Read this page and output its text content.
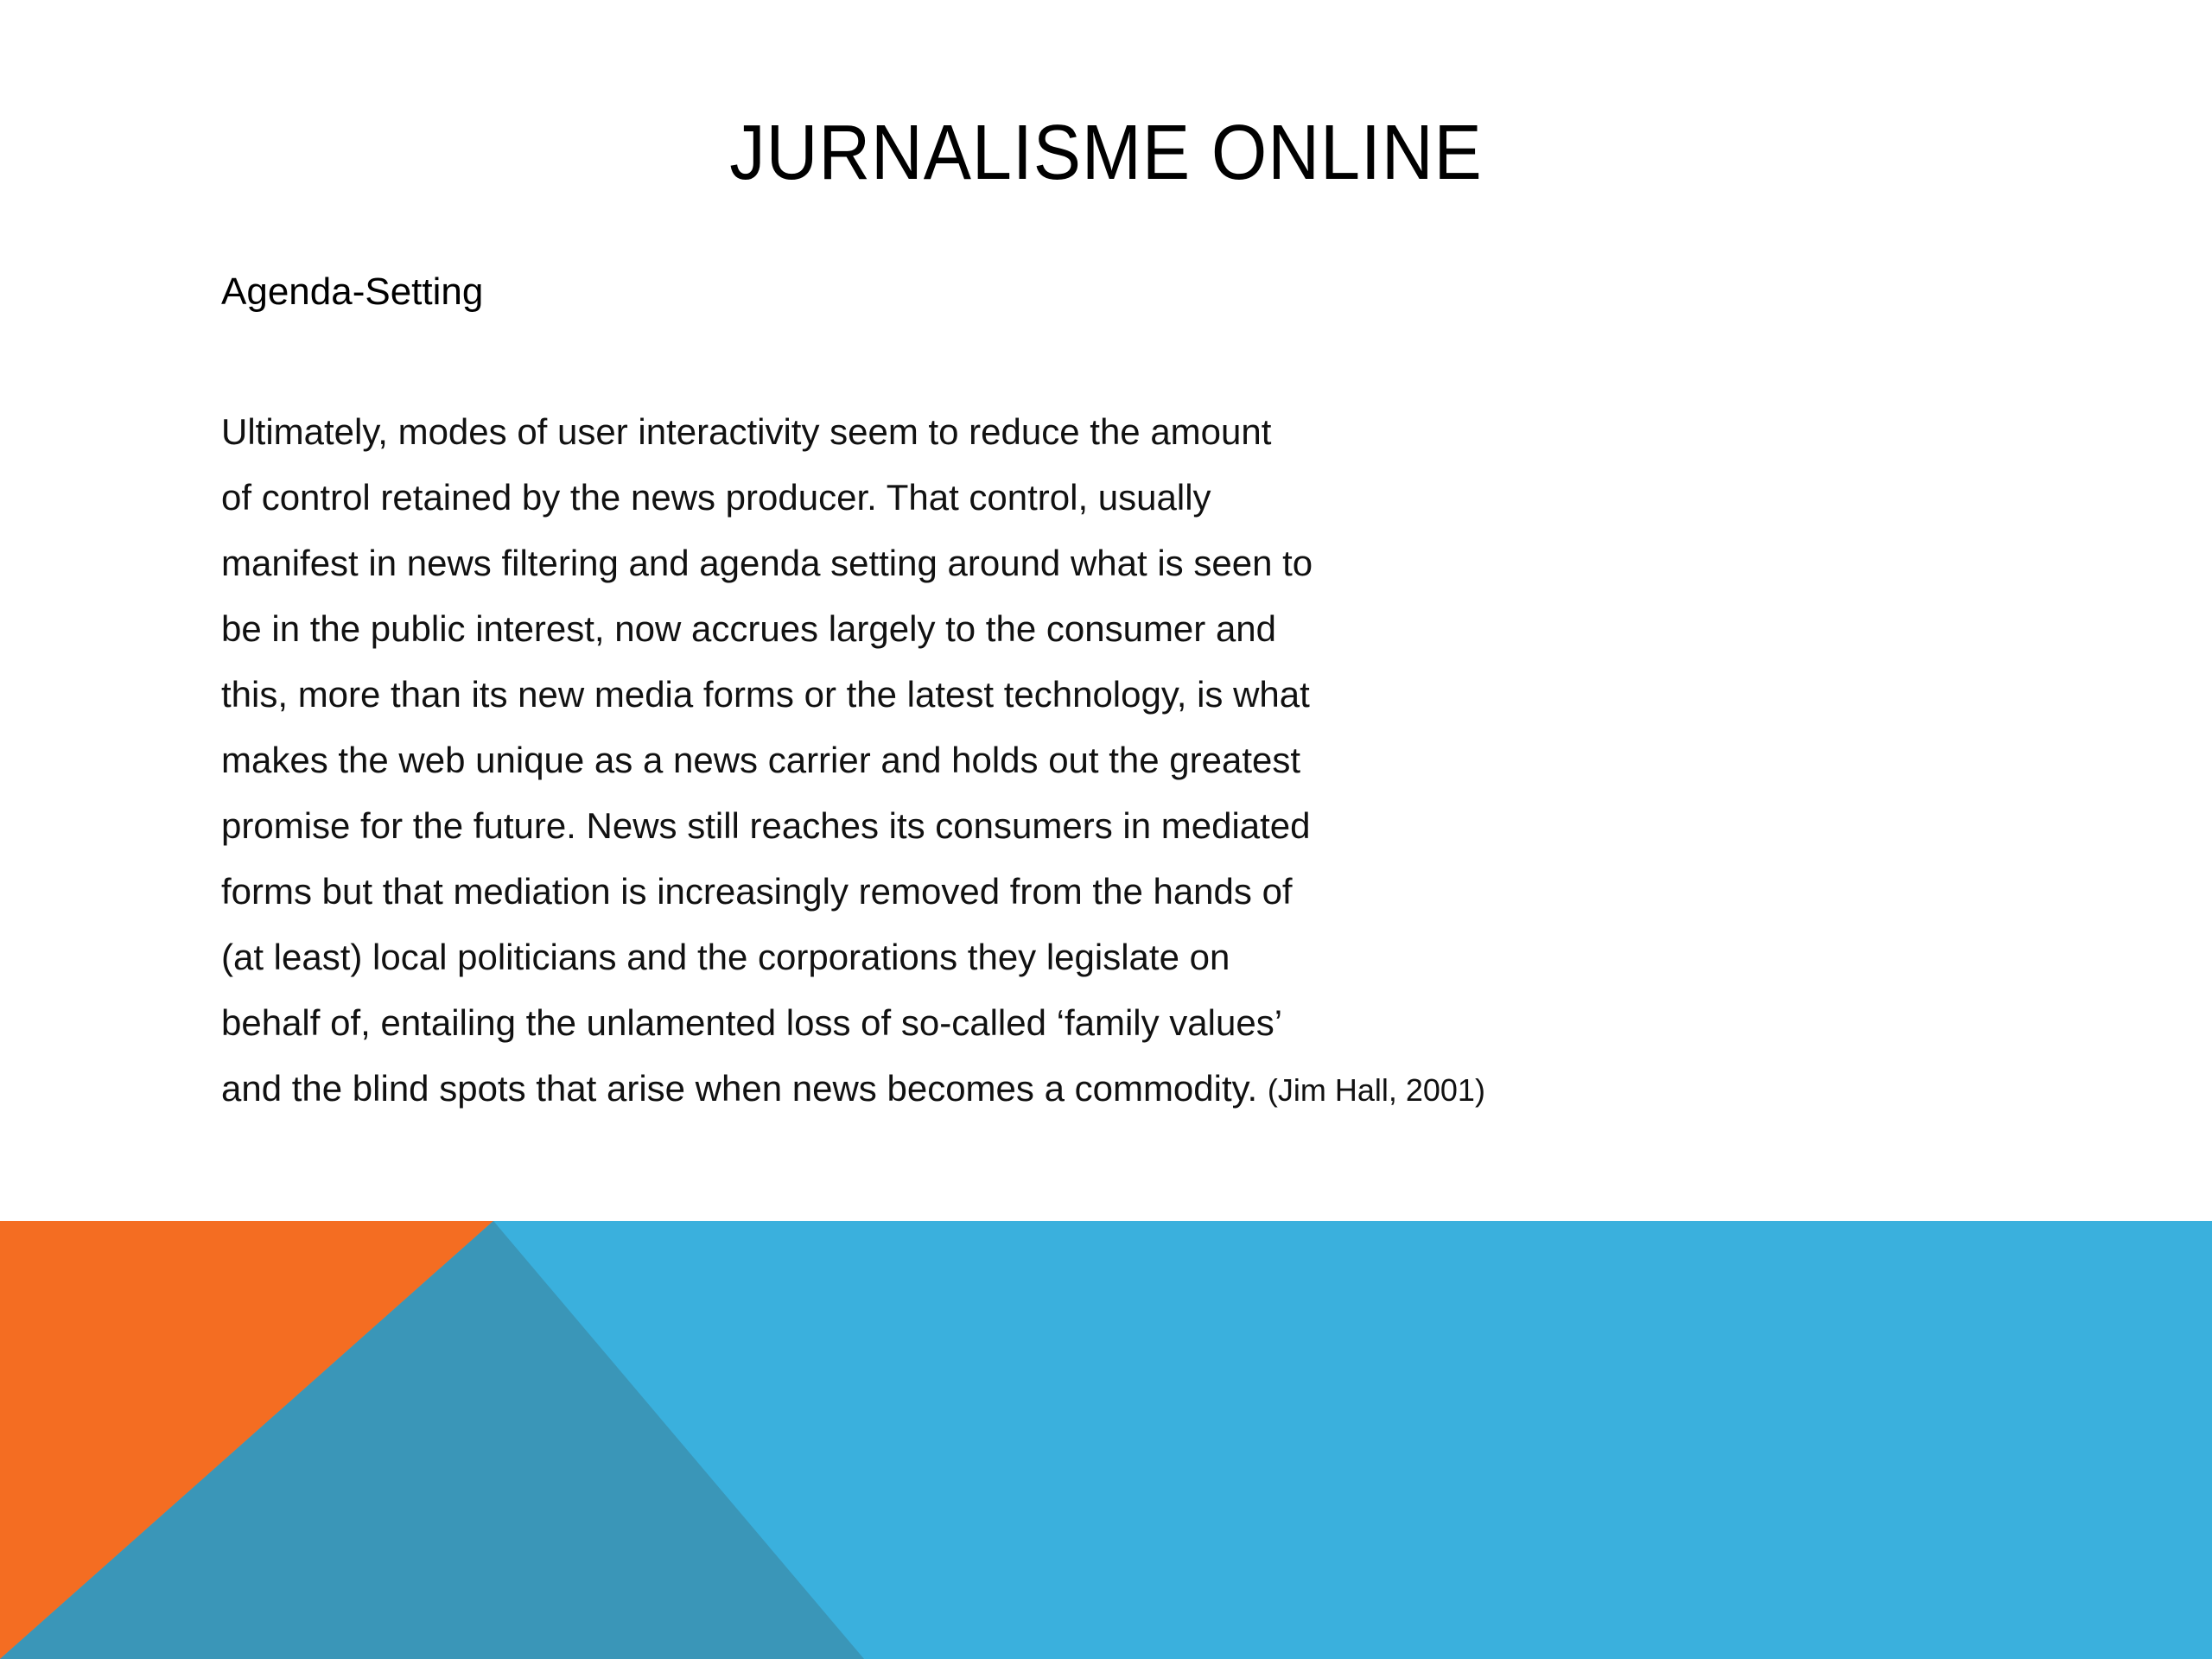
JURNALISME ONLINE
Agenda-Setting
Ultimately, modes of user interactivity seem to reduce the amount
of control retained by the news producer. That control, usually
manifest in news filtering and agenda setting around what is seen to
be in the public interest, now accrues largely to the consumer and
this, more than its new media forms or the latest technology, is what
makes the web unique as a news carrier and holds out the greatest
promise for the future. News still reaches its consumers in mediated
forms but that mediation is increasingly removed from the hands of
(at least) local politicians and the corporations they legislate on
behalf of, entailing the unlamented loss of so-called ‘family values’
and the blind spots that arise when news becomes a commodity. (Jim Hall, 2001)
